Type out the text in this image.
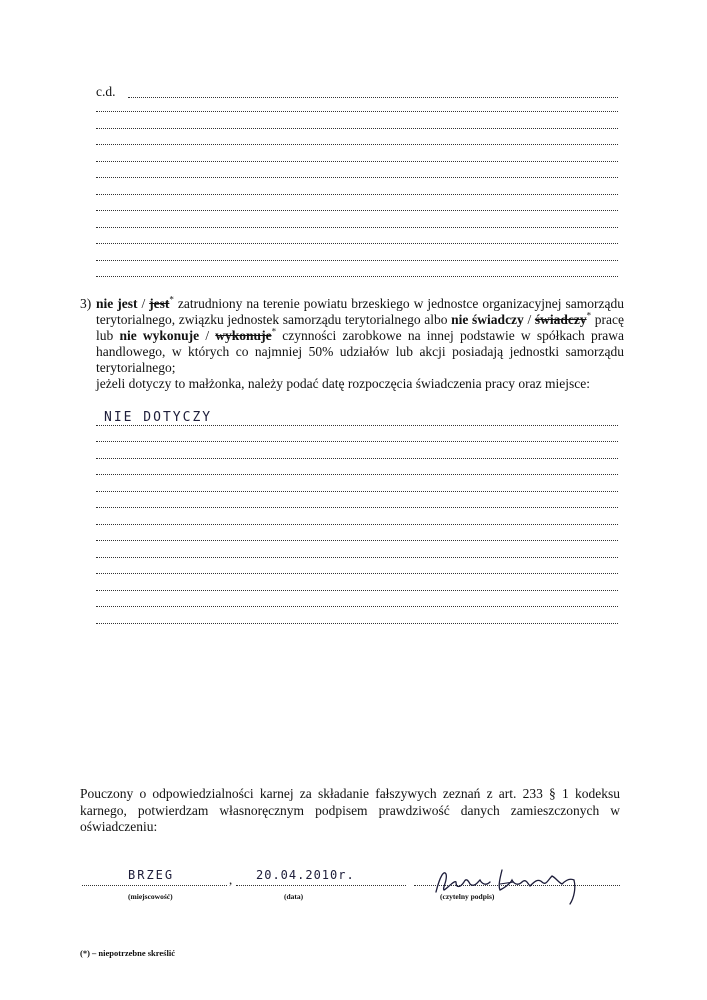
c.d.
3) nie jest / jest* zatrudniony na terenie powiatu brzeskiego w jednostce organizacyjnej samorządu terytorialnego, związku jednostek samorządu terytorialnego albo nie świadczy / świadczy* pracę lub nie wykonuje / wykonuje* czynności zarobkowe na innej podstawie w spółkach prawa handlowego, w których co najmniej 50% udziałów lub akcji posiadają jednostki samorządu terytorialnego;
jeżeli dotyczy to małżonka, należy podać datę rozpoczęcia świadczenia pracy oraz miejsce:
NIE DOTYCZY
Pouczony o odpowiedzialności karnej za składanie fałszywych zeznań z art. 233 § 1 kodeksu karnego, potwierdzam własnoręcznym podpisem prawdziwość danych zamieszczonych w oświadczeniu:
BRZEG	,
(miejscowość)
20.04.2010r.
(data)	(czytelny podpis)
(*) – niepotrzebne skreślić
